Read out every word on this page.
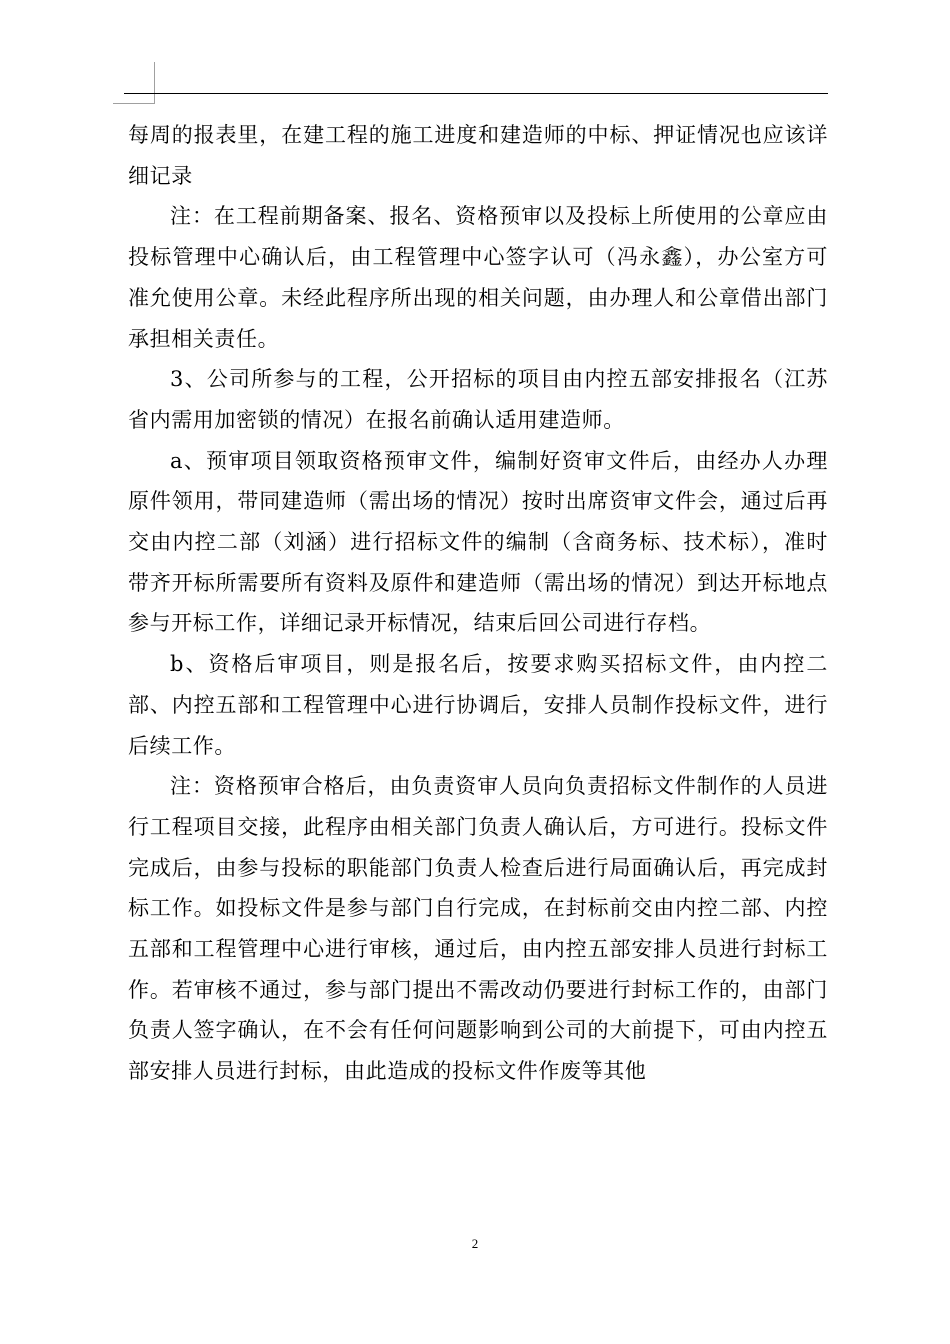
每周的报表里，在建工程的施工进度和建造师的中标、押证情况也应该详细记录

注：在工程前期备案、报名、资格预审以及投标上所使用的公章应由投标管理中心确认后，由工程管理中心签字认可（冯永鑫），办公室方可准允使用公章。未经此程序所出现的相关问题，由办理人和公章借出部门承担相关责任。

3、公司所参与的工程，公开招标的项目由内控五部安排报名（江苏省内需用加密锁的情况）在报名前确认适用建造师。

a、预审项目领取资格预审文件，编制好资审文件后，由经办人办理原件领用，带同建造师（需出场的情况）按时出席资审文件会，通过后再交由内控二部（刘涵）进行招标文件的编制（含商务标、技术标），准时带齐开标所需要所有资料及原件和建造师（需出场的情况）到达开标地点参与开标工作，详细记录开标情况，结束后回公司进行存档。

b、资格后审项目，则是报名后，按要求购买招标文件，由内控二部、内控五部和工程管理中心进行协调后，安排人员制作投标文件，进行后续工作。

注：资格预审合格后，由负责资审人员向负责招标文件制作的人员进行工程项目交接，此程序由相关部门负责人确认后，方可进行。投标文件完成后，由参与投标的职能部门负责人检查后进行局面确认后，再完成封标工作。如投标文件是参与部门自行完成，在封标前交由内控二部、内控五部和工程管理中心进行审核，通过后，由内控五部安排人员进行封标工作。若审核不通过，参与部门提出不需改动仍要进行封标工作的，由部门负责人签字确认，在不会有任何问题影响到公司的大前提下，可由内控五部安排人员进行封标，由此造成的投标文件作废等其他

2
